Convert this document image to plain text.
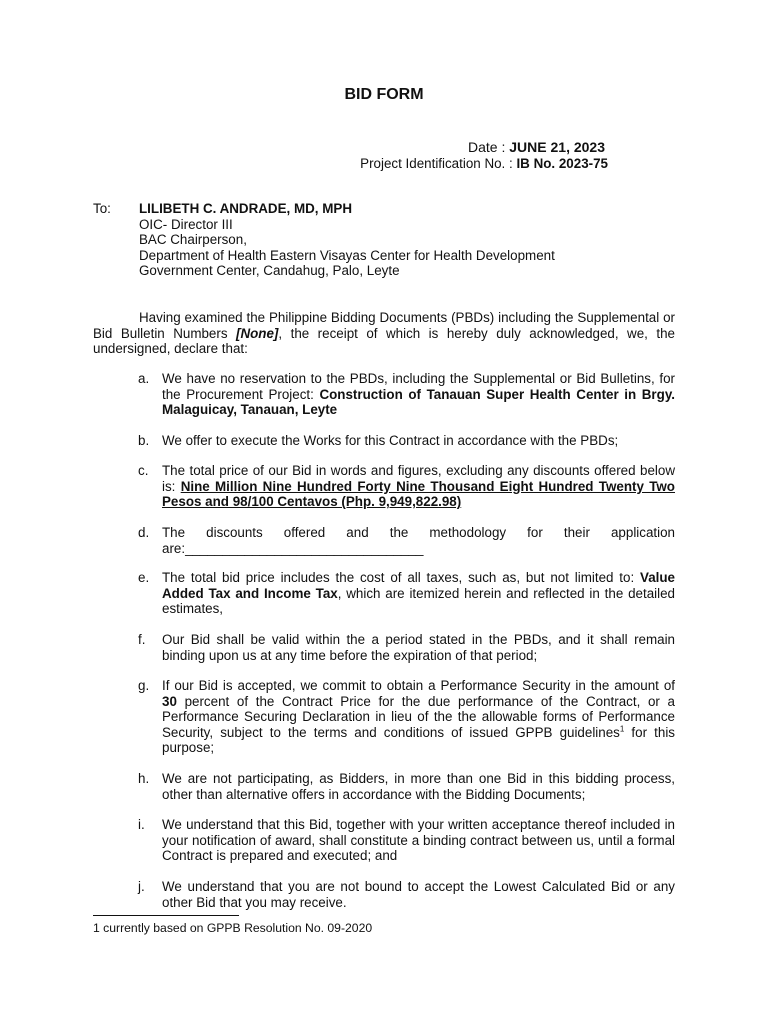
BID FORM
Date : JUNE 21, 2023
Project Identification No. : IB No. 2023-75
To: LILIBETH C. ANDRADE, MD, MPH
OIC- Director III
BAC Chairperson,
Department of Health Eastern Visayas Center for Health Development
Government Center, Candahug, Palo, Leyte
Having examined the Philippine Bidding Documents (PBDs) including the Supplemental or Bid Bulletin Numbers [None], the receipt of which is hereby duly acknowledged, we, the undersigned, declare that:
a. We have no reservation to the PBDs, including the Supplemental or Bid Bulletins, for the Procurement Project: Construction of Tanauan Super Health Center in Brgy. Malaguicay, Tanauan, Leyte
b. We offer to execute the Works for this Contract in accordance with the PBDs;
c.	The total price of our Bid in words and figures, excluding any discounts offered below is: Nine Million Nine Hundred Forty Nine Thousand Eight Hundred Twenty Two Pesos and 98/100 Centavos (Php. 9,949,822.98)
d. The discounts offered and the methodology for their application are:________________________________
e. The total bid price includes the cost of all taxes, such as, but not limited to: Value Added Tax and Income Tax, which are itemized herein and reflected in the detailed estimates,
f.	Our Bid shall be valid within the a period stated in the PBDs, and it shall remain binding upon us at any time before the expiration of that period;
g. If our Bid is accepted, we commit to obtain a Performance Security in the amount of 30 percent of the Contract Price for the due performance of the Contract, or a Performance Securing Declaration in lieu of the the allowable forms of Performance Security, subject to the terms and conditions of issued GPPB guidelines$^1$ for this purpose;
h. We are not participating, as Bidders, in more than one Bid in this bidding process, other than alternative offers in accordance with the Bidding Documents;
i.	We understand that this Bid, together with your written acceptance thereof included in your notification of award, shall constitute a binding contract between us, until a formal Contract is prepared and executed; and
j.	We understand that you are not bound to accept the Lowest Calculated Bid or any other Bid that you may receive.
1 currently based on GPPB Resolution No. 09-2020
